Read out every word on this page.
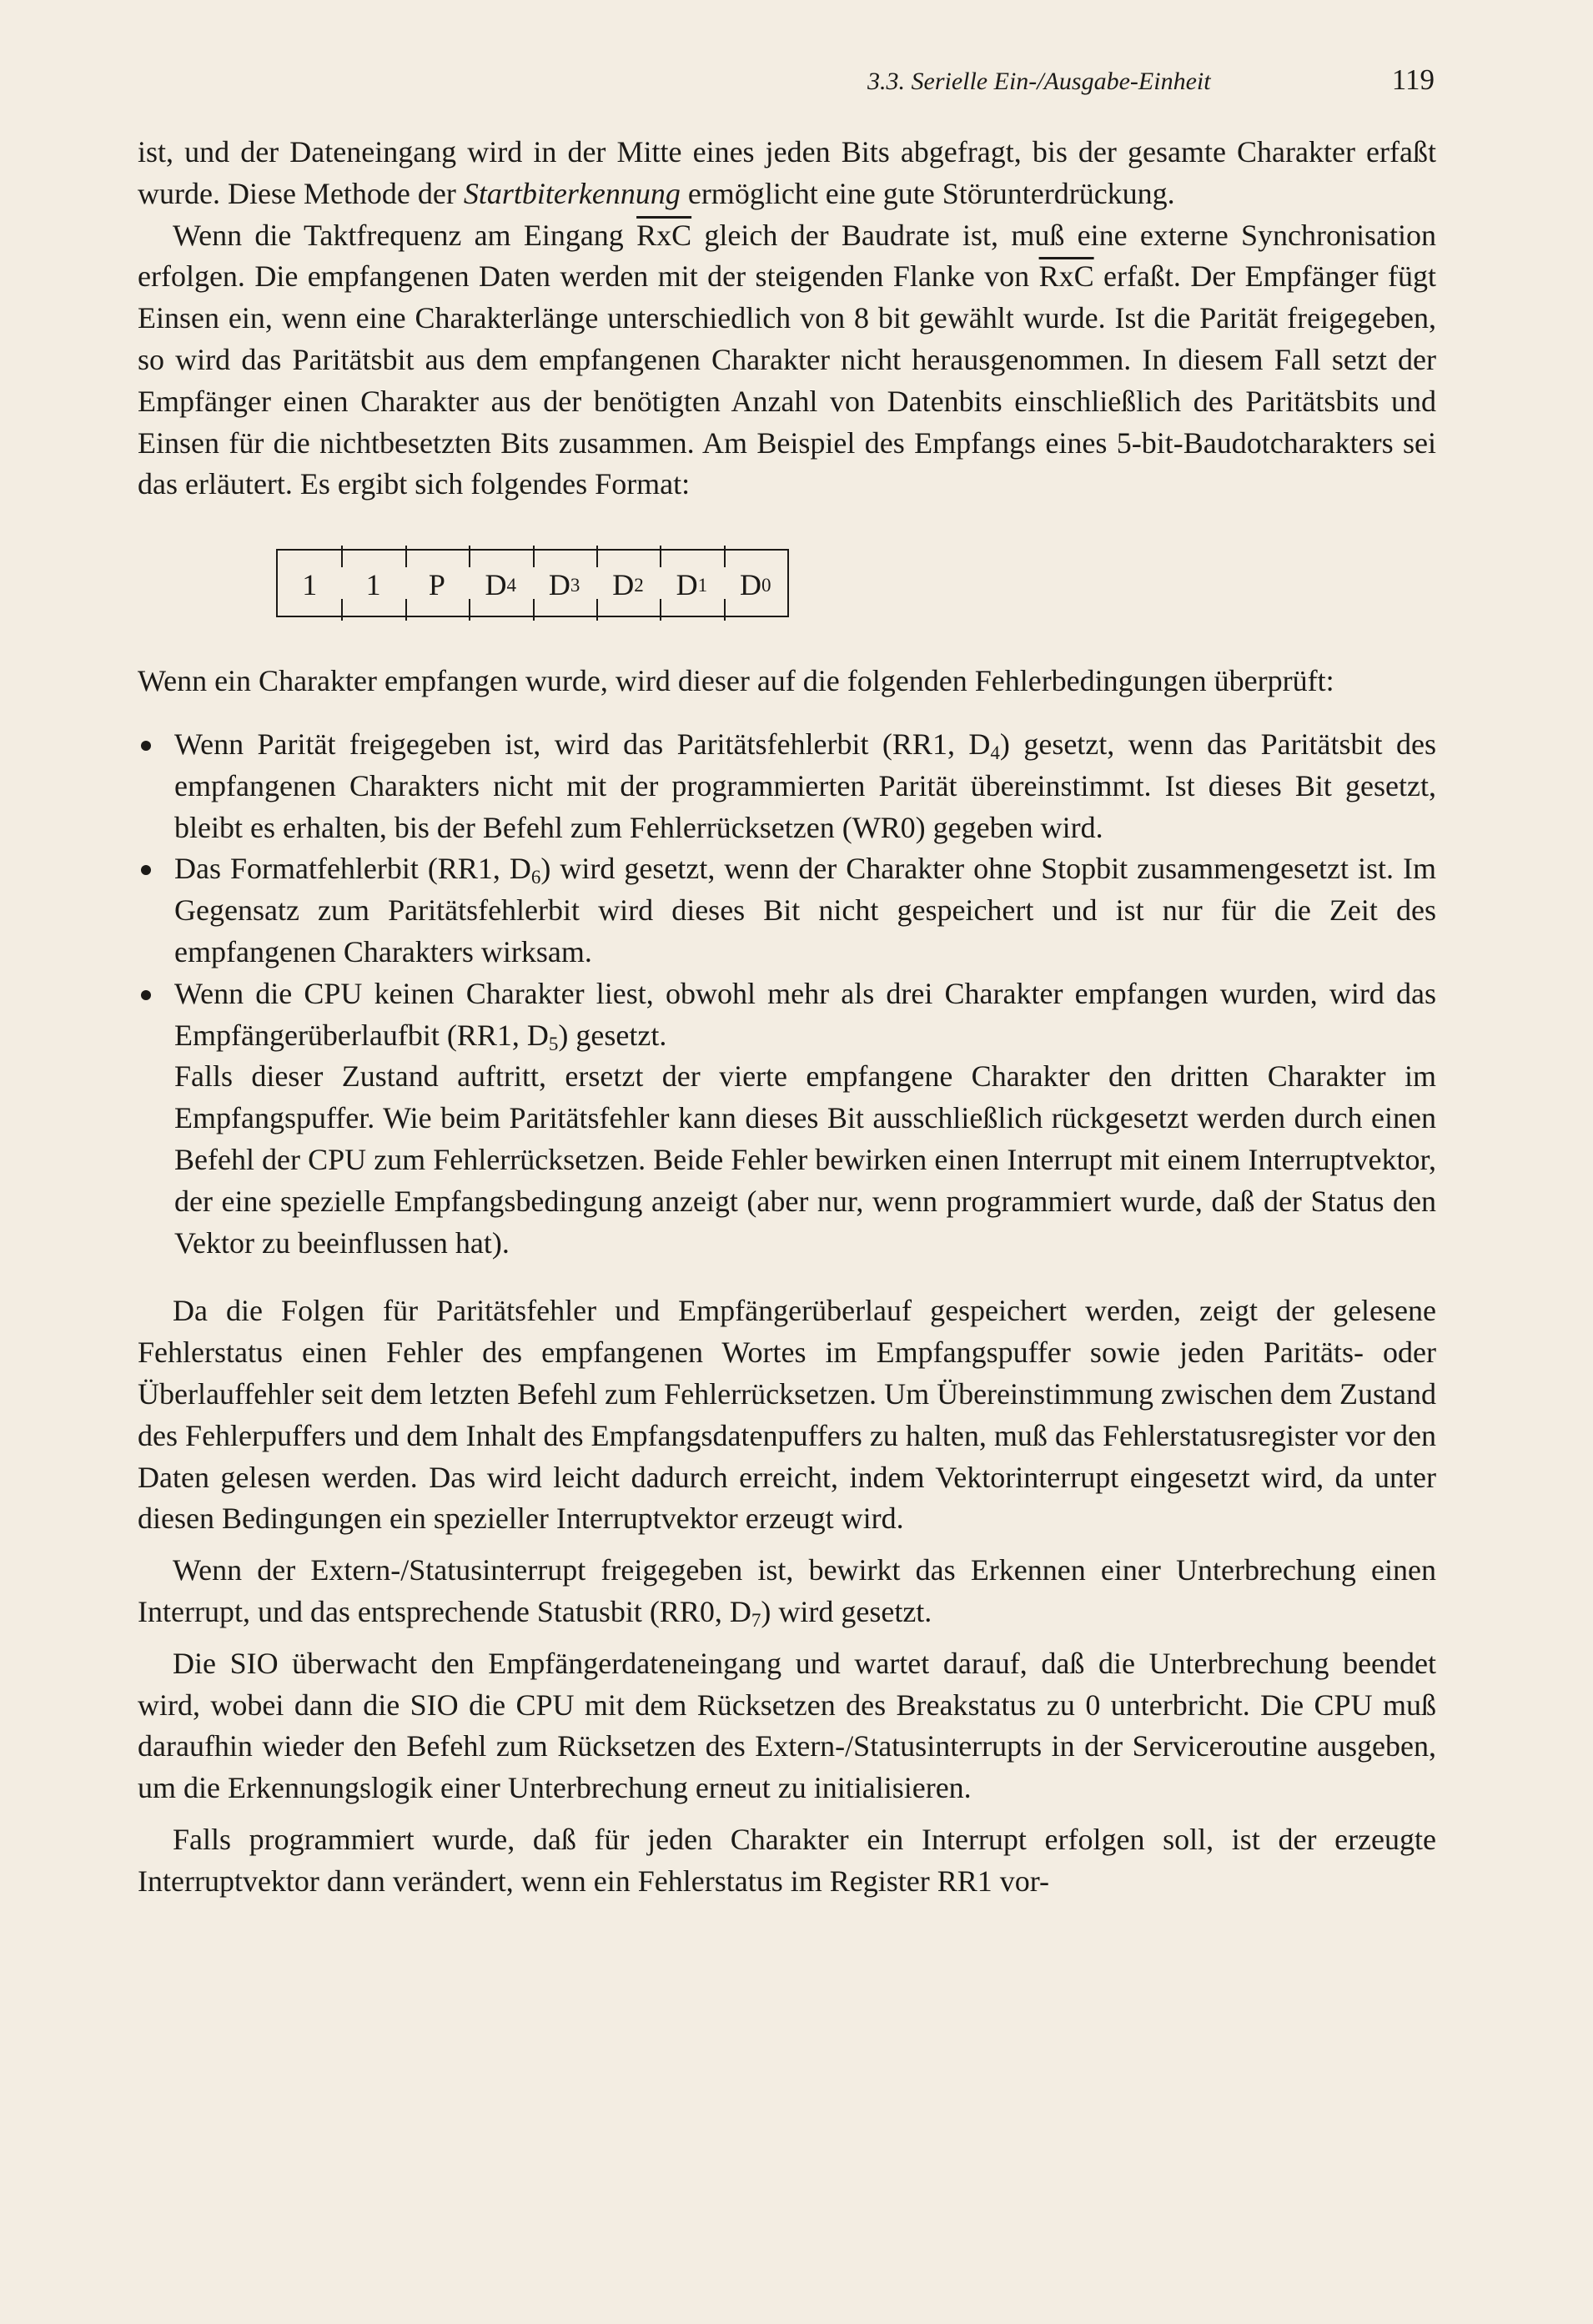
3.3. Serielle Ein-/Ausgabe-Einheit	119

ist, und der Dateneingang wird in der Mitte eines jeden Bits abgefragt, bis der gesamte Charakter erfaßt wurde. Diese Methode der Startbiterkennung ermöglicht eine gute Störunterdrückung.

Wenn die Taktfrequenz am Eingang $\overline{RxC}$ gleich der Baudrate ist, muß eine externe Synchronisation erfolgen. Die empfangenen Daten werden mit der steigenden Flanke von $\overline{RxC}$ erfaßt. Der Empfänger fügt Einsen ein, wenn eine Charakterlänge unterschiedlich von 8 bit gewählt wurde. Ist die Parität freigegeben, so wird das Paritätsbit aus dem empfangenen Charakter nicht herausgenommen. In diesem Fall setzt der Empfänger einen Charakter aus der benötigten Anzahl von Datenbits einschließlich des Paritätsbits und Einsen für die nichtbesetzten Bits zusammen. Am Beispiel des Empfangs eines 5-bit-Baudotcharakters sei das erläutert. Es ergibt sich folgendes Format:

1 1 P D 4 D 3 D 2 D 1 D 0

Wenn ein Charakter empfangen wurde, wird dieser auf die folgenden Fehlerbedingungen überprüft:

Wenn Parität freigegeben ist, wird das Paritätsfehlerbit (RR1, $D_4$) gesetzt, wenn das Paritätsbit des empfangenen Charakters nicht mit der programmierten Parität übereinstimmt. Ist dieses Bit gesetzt, bleibt es erhalten, bis der Befehl zum Fehlerrücksetzen (WR0) gegeben wird.
Das Formatfehlerbit (RR1, $D_6$) wird gesetzt, wenn der Charakter ohne Stopbit zusammengesetzt ist. Im Gegensatz zum Paritätsfehlerbit wird dieses Bit nicht gespeichert und ist nur für die Zeit des empfangenen Charakters wirksam.
Wenn die CPU keinen Charakter liest, obwohl mehr als drei Charakter empfangen wurden, wird das Empfängerüberlaufbit (RR1, $D_5$) gesetzt.

Falls dieser Zustand auftritt, ersetzt der vierte empfangene Charakter den dritten Charakter im Empfangspuffer. Wie beim Paritätsfehler kann dieses Bit ausschließlich rückgesetzt werden durch einen Befehl der CPU zum Fehlerrücksetzen. Beide Fehler bewirken einen Interrupt mit einem Interruptvektor, der eine spezielle Empfangsbedingung anzeigt (aber nur, wenn programmiert wurde, daß der Status den Vektor zu beeinflussen hat).

Da die Folgen für Paritätsfehler und Empfängerüberlauf gespeichert werden, zeigt der gelesene Fehlerstatus einen Fehler des empfangenen Wortes im Empfangspuffer sowie jeden Paritäts- oder Überlauffehler seit dem letzten Befehl zum Fehlerrücksetzen. Um Übereinstimmung zwischen dem Zustand des Fehlerpuffers und dem Inhalt des Empfangsdatenpuffers zu halten, muß das Fehlerstatusregister vor den Daten gelesen werden. Das wird leicht dadurch erreicht, indem Vektorinterrupt eingesetzt wird, da unter diesen Bedingungen ein spezieller Interruptvektor erzeugt wird.

Wenn der Extern-/Statusinterrupt freigegeben ist, bewirkt das Erkennen einer Unterbrechung einen Interrupt, und das entsprechende Statusbit (RR0, $D_7$) wird gesetzt.

Die SIO überwacht den Empfängerdateneingang und wartet darauf, daß die Unterbrechung beendet wird, wobei dann die SIO die CPU mit dem Rücksetzen des Breakstatus zu 0 unterbricht. Die CPU muß daraufhin wieder den Befehl zum Rücksetzen des Extern-/Statusinterrupts in der Serviceroutine ausgeben, um die Erkennungslogik einer Unterbrechung erneut zu initialisieren.

Falls programmiert wurde, daß für jeden Charakter ein Interrupt erfolgen soll, ist der erzeugte Interruptvektor dann verändert, wenn ein Fehlerstatus im Register RR1 vor-
